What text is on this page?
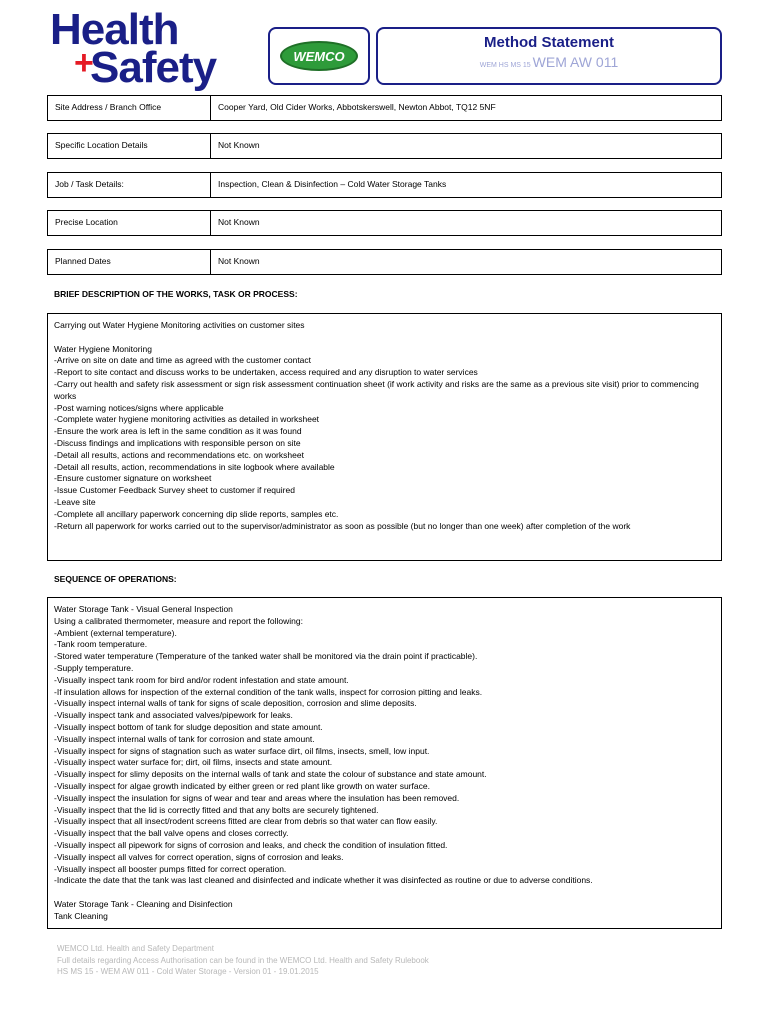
Health
+
Safety	WEMCO
Method Statement
WEM HS MS 15 WEM AW 011
Site Address / Branch Office	Cooper Yard, Old Cider Works, Abbotskerswell, Newton Abbot, TQ12 5NF
Specific Location Details	Not Known
Job / Task Details:	Inspection, Clean & Disinfection – Cold Water Storage Tanks
Precise Location	Not Known
Planned Dates	Not Known
BRIEF DESCRIPTION OF THE WORKS, TASK OR PROCESS:
Carrying out Water Hygiene Monitoring activities on customer sites
Water Hygiene Monitoring
-Arrive on site on date and time as agreed with the customer contact
-Report to site contact and discuss works to be undertaken, access required and any disruption to water services
-Carry out health and safety risk assessment or sign risk assessment continuation sheet (if work activity and risks are the same as a previous site visit) prior to commencing works
-Post warning notices/signs where applicable
-Complete water hygiene monitoring activities as detailed in worksheet
-Ensure the work area is left in the same condition as it was found
-Discuss findings and implications with responsible person on site
-Detail all results, actions and recommendations etc. on worksheet
-Detail all results, action, recommendations in site logbook where available
-Ensure customer signature on worksheet
-Issue Customer Feedback Survey sheet to customer if required
-Leave site
-Complete all ancillary paperwork concerning dip slide reports, samples etc.
-Return all paperwork for works carried out to the supervisor/administrator as soon as possible (but no longer than one week) after completion of the work
SEQUENCE OF OPERATIONS:
Water Storage Tank - Visual General Inspection
Using a calibrated thermometer, measure and report the following:
-Ambient (external temperature).
-Tank room temperature.
-Stored water temperature (Temperature of the tanked water shall be monitored via the drain point if practicable).
-Supply temperature.
-Visually inspect tank room for bird and/or rodent infestation and state amount.
-If insulation allows for inspection of the external condition of the tank walls, inspect for corrosion pitting and leaks.
-Visually inspect internal walls of tank for signs of scale deposition, corrosion and slime deposits.
-Visually inspect tank and associated valves/pipework for leaks.
-Visually inspect bottom of tank for sludge deposition and state amount.
-Visually inspect internal walls of tank for corrosion and state amount.
-Visually inspect for signs of stagnation such as water surface dirt, oil films, insects, smell, low input.
-Visually inspect water surface for; dirt, oil films, insects and state amount.
-Visually inspect for slimy deposits on the internal walls of tank and state the colour of substance and state amount.
-Visually inspect for algae growth indicated by either green or red plant like growth on water surface.
-Visually inspect the insulation for signs of wear and tear and areas where the insulation has been removed.
-Visually inspect that the lid is correctly fitted and that any bolts are securely tightened.
-Visually inspect that all insect/rodent screens fitted are clear from debris so that water can flow easily.
-Visually inspect that the ball valve opens and closes correctly.
-Visually inspect all pipework for signs of corrosion and leaks, and check the condition of insulation fitted.
-Visually inspect all valves for correct operation, signs of corrosion and leaks.
-Visually inspect all booster pumps fitted for correct operation.
-Indicate the date that the tank was last cleaned and disinfected and indicate whether it was disinfected as routine or due to adverse conditions.
Water Storage Tank - Cleaning and Disinfection
Tank Cleaning
WEMCO Ltd. Health and Safety Department
Full details regarding Access Authorisation can be found in the WEMCO Ltd. Health and Safety Rulebook
HS MS 15 - WEM AW 011 - Cold Water Storage - Version 01 - 19.01.2015
